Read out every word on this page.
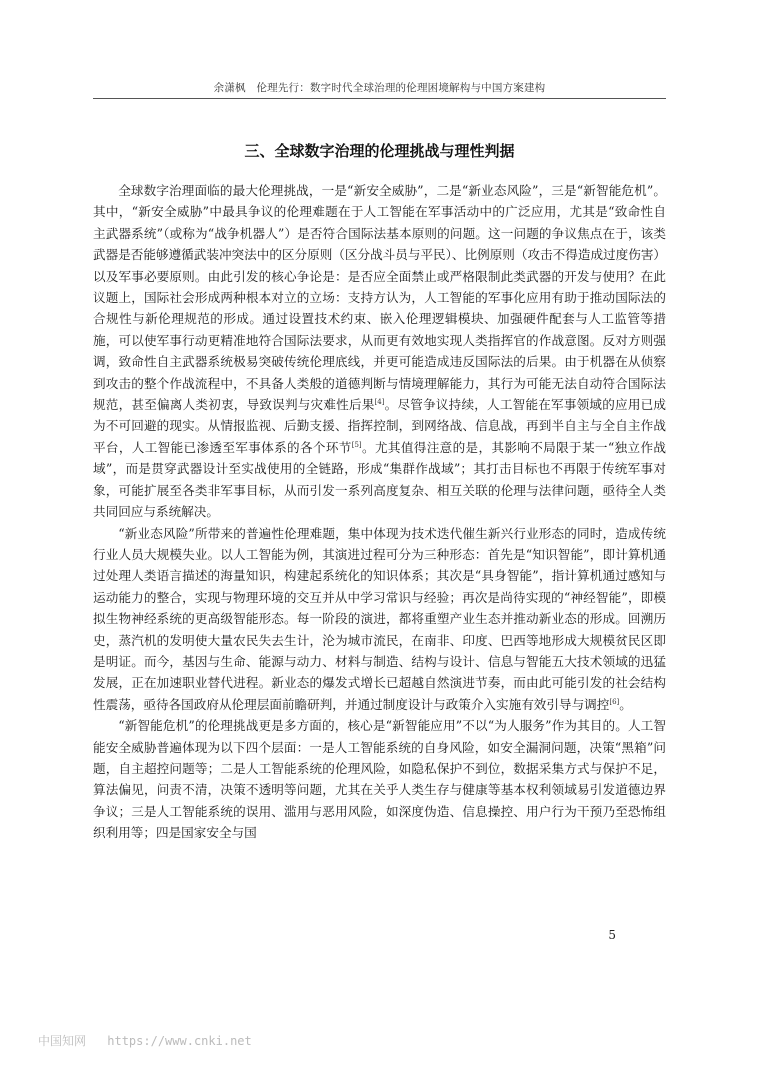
余潇枫　伦理先行：数字时代全球治理的伦理困境解构与中国方案建构
三、全球数字治理的伦理挑战与理性判据

全球数字治理面临的最大伦理挑战，一是“新安全威胁”，二是“新业态风险”，三是“新智能危机”。其中，“新安全威胁”中最具争议的伦理难题在于人工智能在军事活动中的广泛应用，尤其是“致命性自主武器系统”（或称为“战争机器人”）是否符合国际法基本原则的问题。这一问题的争议焦点在于，该类武器是否能够遵循武装冲突法中的区分原则（区分战斗员与平民）、比例原则（攻击不得造成过度伤害）以及军事必要原则。由此引发的核心争论是：是否应全面禁止或严格限制此类武器的开发与使用？在此议题上，国际社会形成两种根本对立的立场：支持方认为，人工智能的军事化应用有助于推动国际法的合规性与新伦理规范的形成。通过设置技术约束、嵌入伦理逻辑模块、加强硬件配套与人工监管等措施，可以使军事行动更精准地符合国际法要求，从而更有效地实现人类指挥官的作战意图。反对方则强调，致命性自主武器系统极易突破传统伦理底线，并更可能造成违反国际法的后果。由于机器在从侦察到攻击的整个作战流程中，不具备人类般的道德判断与情境理解能力，其行为可能无法自动符合国际法规范，甚至偏离人类初衷，导致误判与灾难性后果[4]。尽管争议持续，人工智能在军事领域的应用已成为不可回避的现实。从情报监视、后勤支援、指挥控制，到网络战、信息战，再到半自主与全自主作战平台，人工智能已渗透至军事体系的各个环节[5]。尤其值得注意的是，其影响不局限于某一“独立作战域”，而是贯穿武器设计至实战使用的全链路，形成“集群作战域”；其打击目标也不再限于传统军事对象，可能扩展至各类非军事目标，从而引发一系列高度复杂、相互关联的伦理与法律问题，亟待全人类共同回应与系统解决。

“新业态风险”所带来的普遍性伦理难题，集中体现为技术迭代催生新兴行业形态的同时，造成传统行业人员大规模失业。以人工智能为例，其演进过程可分为三种形态：首先是“知识智能”，即计算机通过处理人类语言描述的海量知识，构建起系统化的知识体系；其次是“具身智能”，指计算机通过感知与运动能力的整合，实现与物理环境的交互并从中学习常识与经验；再次是尚待实现的“神经智能”，即模拟生物神经系统的更高级智能形态。每一阶段的演进，都将重塑产业生态并推动新业态的形成。回溯历史，蒸汽机的发明使大量农民失去生计，沦为城市流民，在南非、印度、巴西等地形成大规模贫民区即是明证。而今，基因与生命、能源与动力、材料与制造、结构与设计、信息与智能五大技术领域的迅猛发展，正在加速职业替代进程。新业态的爆发式增长已超越自然演进节奏，而由此可能引发的社会结构性震荡，亟待各国政府从伦理层面前瞻研判，并通过制度设计与政策介入实施有效引导与调控[6]。

“新智能危机”的伦理挑战更是多方面的，核心是“新智能应用”不以“为人服务”作为其目的。人工智能安全威胁普遍体现为以下四个层面：一是人工智能系统的自身风险，如安全漏洞问题，决策“黑箱”问题，自主超控问题等；二是人工智能系统的伦理风险，如隐私保护不到位，数据采集方式与保护不足，算法偏见，问责不清，决策不透明等问题，尤其在关乎人类生存与健康等基本权利领域易引发道德边界争议；三是人工智能系统的误用、滥用与恶用风险，如深度伪造、信息操控、用户行为干预乃至恐怖组织利用等；四是国家安全与国

5
中国知网 https://www.cnki.net
